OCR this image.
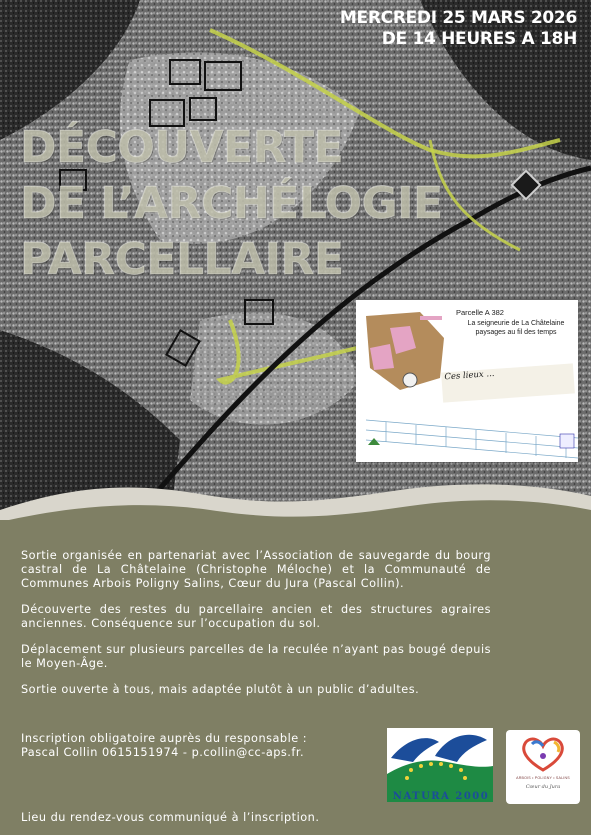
MERCREDI 25 MARS 2026
DE 14 HEURES A 18H
DÉCOUVERTE
DE L’ARCHÉLOGIE
PARCELLAIRE
Parcelle A 382
La seigneurie de La Châtelaine
paysages au fil des temps
Ces lieux ...

Sortie organisée en partenariat avec l’Association de sauvegarde du bourg castral de La Châtelaine (Christophe Méloche) et la Communauté de Communes Arbois Poligny Salins, Cœur du Jura (Pascal Collin).

Découverte des restes du parcellaire ancien et des structures agraires anciennes. Conséquence sur l’occupation du sol.

Déplacement sur plusieurs parcelles de la reculée n’ayant pas bougé depuis le Moyen-Âge.

Sortie ouverte à tous, mais adaptée plutôt à un public d’adultes.

Inscription obligatoire auprès du responsable :
Pascal Collin 0615151974 - p.collin@cc-aps.fr.

Lieu du rendez-vous communiqué à l’inscription.

NATURA 2000
ARBOIS • POLIGNY • SALINS
Cœur du Jura
